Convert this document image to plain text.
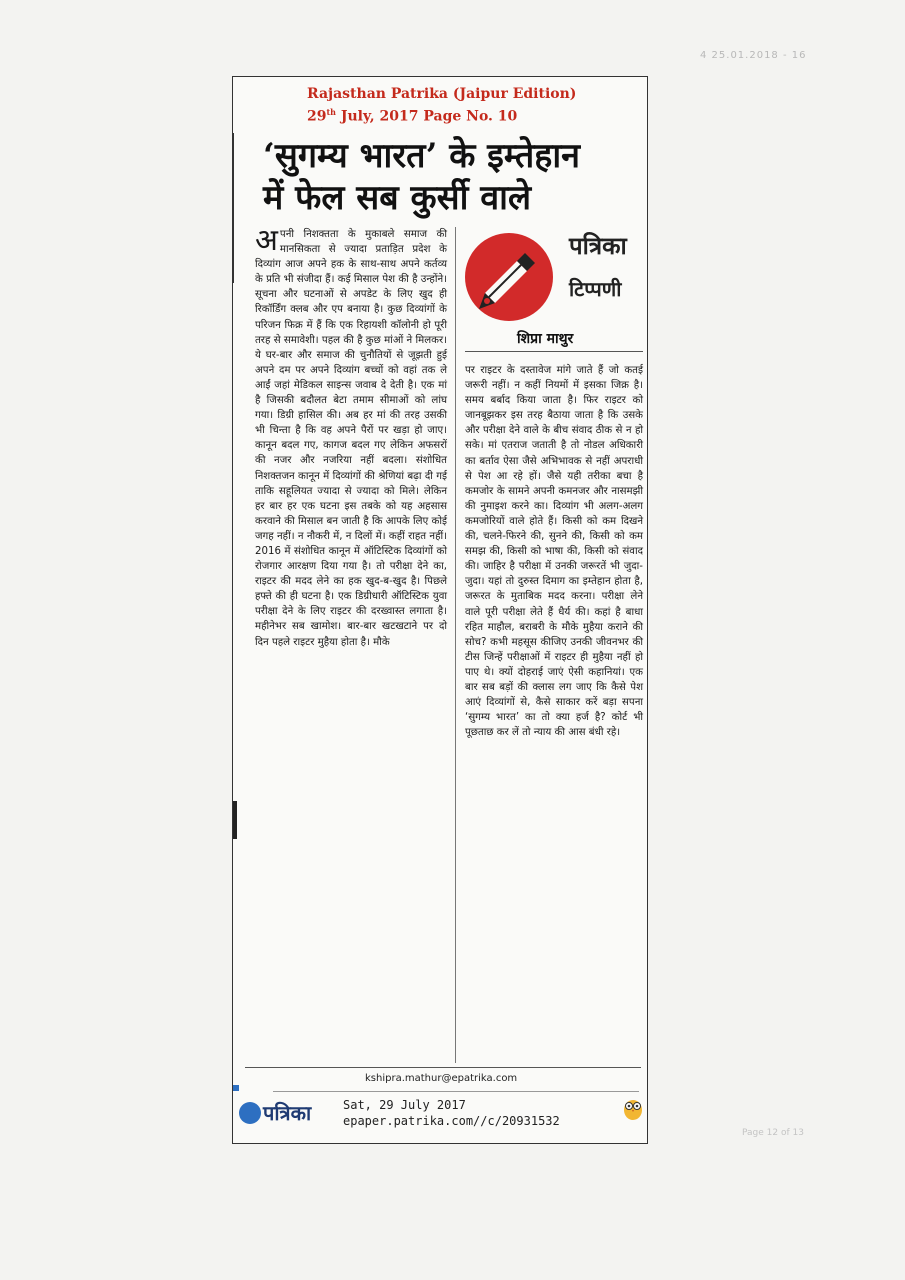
4 25.01.2018 - 16
Page 12 of 13
Rajasthan Patrika (Jaipur Edition)
29th July, 2017 Page No. 10
‘सुगम्य भारत’ के इम्तेहान
में फेल सब कुर्सी वाले
अपनी निशक्तता के मुकाबले समाज की मानसिकता से ज्यादा प्रताड़ित प्रदेश के दिव्यांग आज अपने हक के साथ-साथ अपने कर्तव्य के प्रति भी संजीदा हैं। कई मिसाल पेश की है उन्होंने। सूचना और घटनाओं से अपडेट के लिए खुद ही रिकॉर्डिंग क्लब और एप बनाया है। कुछ दिव्यांगों के परिजन फिक्र में हैं कि एक रिहायशी कॉलोनी हो पूरी तरह से समावेशी। पहल की है कुछ मांओं ने मिलकर। ये घर-बार और समाज की चुनौतियों से जूझती हुई अपने दम पर अपने दिव्यांग बच्चों को वहां तक ले आईं जहां मेडिकल साइन्स जवाब दे देती है। एक मां है जिसकी बदौलत बेटा तमाम सीमाओं को लांघ गया। डिग्री हासिल की। अब हर मां की तरह उसकी भी चिन्ता है कि वह अपने पैरों पर खड़ा हो जाए। कानून बदल गए, कागज बदल गए लेकिन अफसरों की नजर और नजरिया नहीं बदला। संशोधित निशक्तजन कानून में दिव्यांगों की श्रेणियां बढ़ा दी गई ताकि सहूलियत ज्यादा से ज्यादा को मिले। लेकिन हर बार हर एक घटना इस तबके को यह अहसास करवाने की मिसाल बन जाती है कि आपके लिए कोई जगह नहीं। न नौकरी में, न दिलों में। कहीं राहत नहीं। 2016 में संशोधित कानून में ऑटिस्टिक दिव्यांगों को रोजगार आरक्षण दिया गया है। तो परीक्षा देने का, राइटर की मदद लेने का हक खुद-ब-खुद है। पिछले हफ्ते की ही घटना है। एक डिग्रीधारी ऑटिस्टिक युवा परीक्षा देने के लिए राइटर की दरख्वास्त लगाता है। महीनेभर सब खामोश। बार-बार खटखटाने पर दो दिन पहले राइटर मुहैया होता है। मौके
पत्रिका
टिप्पणी
शिप्रा माथुर
पर राइटर के दस्तावेज मांगे जाते हैं जो कतई जरूरी नहीं। न कहीं नियमों में इसका जिक्र है। समय बर्बाद किया जाता है। फिर राइटर को जानबूझकर इस तरह बैठाया जाता है कि उसके और परीक्षा देने वाले के बीच संवाद ठीक से न हो सके। मां एतराज जताती है तो नोडल अधिकारी का बर्ताव ऐसा जैसे अभिभावक से नहीं अपराधी से पेश आ रहे हों। जैसे यही तरीका बचा है कमजोर के सामने अपनी कमनजर और नासमझी की नुमाइश करने का। दिव्यांग भी अलग-अलग कमजोरियों वाले होते हैं। किसी को कम दिखने की, चलने-फिरने की, सुनने की, किसी को कम समझ की, किसी को भाषा की, किसी को संवाद की। जाहिर है परीक्षा में उनकी जरूरतें भी जुदा-जुदा। यहां तो दुरुस्त दिमाग का इम्तेहान होता है, जरूरत के मुताबिक मदद करना। परीक्षा लेने वाले पूरी परीक्षा लेते हैं धैर्य की। कहां है बाधा रहित माहौल, बराबरी के मौके मुहैया कराने की सोच? कभी महसूस कीजिए उनकी जीवनभर की टीस जिन्हें परीक्षाओं में राइटर ही मुहैया नहीं हो पाए थे। क्यों दोहराई जाएं ऐसी कहानियां। एक बार सब बड़ों की क्लास लग जाए कि कैसे पेश आएं दिव्यांगों से, कैसे साकार करें बड़ा सपना ‘सुगम्य भारत’ का तो क्या हर्ज है? कोर्ट भी पूछताछ कर लें तो न्याय की आस बंधी रहे।
kshipra.mathur@epatrika.com
पत्रिका	Sat, 29 July 2017
epaper.patrika.com//c/20931532
